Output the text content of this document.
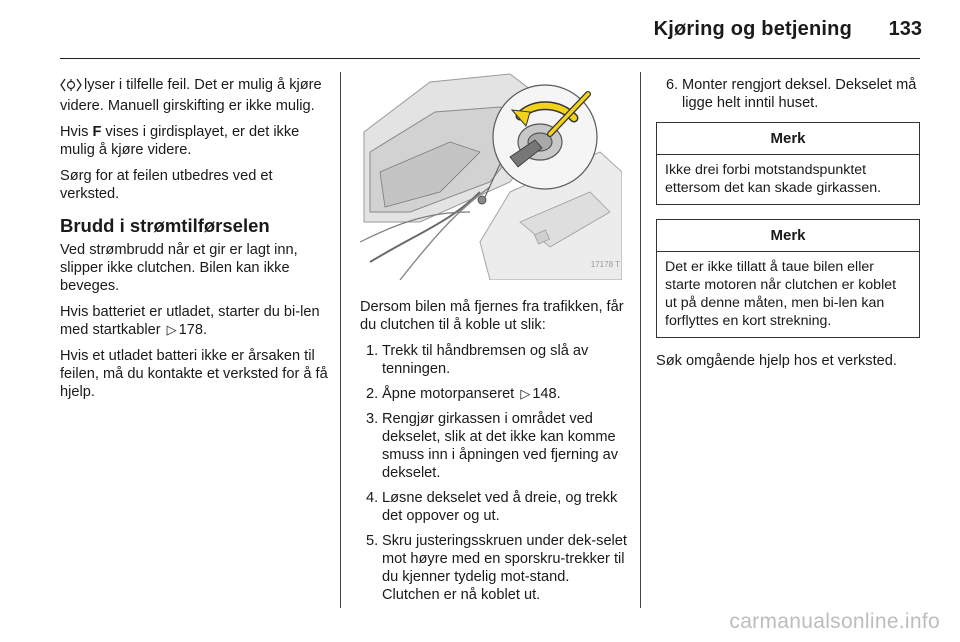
Kjøring og betjening 133

lyser i tilfelle feil. Det er mulig å kjøre videre. Manuell girskifting er ikke mulig.

Hvis F vises i girdisplayet, er det ikke mulig å kjøre videre.

Sørg for at feilen utbedres ved et verksted.

Brudd i strømtilførselen

Ved strømbrudd når et gir er lagt inn, slipper ikke clutchen. Bilen kan ikke beveges.

Hvis batteriet er utladet, starter du bi-len med startkabler ▷ 178.

Hvis et utladet batteri ikke er årsaken til feilen, må du kontakte et verksted for å få hjelp.

17178 T

Dersom bilen må fjernes fra trafikken, får du clutchen til å koble ut slik:

1. Trekk til håndbremsen og slå av tenningen.
2. Åpne motorpanseret ▷ 148.
3. Rengjør girkassen i området ved dekselet, slik at det ikke kan komme smuss inn i åpningen ved fjerning av dekselet.
4. Løsne dekselet ved å dreie, og trekk det oppover og ut.
5. Skru justeringsskruen under dek-selet mot høyre med en sporskru-trekker til du kjenner tydelig mot-stand. Clutchen er nå koblet ut.
6. Monter rengjort deksel. Dekselet må ligge helt inntil huset.
Merk
Ikke drei forbi motstandspunktet ettersom det kan skade girkassen.
Merk
Det er ikke tillatt å taue bilen eller starte motoren når clutchen er koblet ut på denne måten, men bi-len kan forflyttes en kort strekning.

Søk omgående hjelp hos et verksted.

carmanualsonline.info
